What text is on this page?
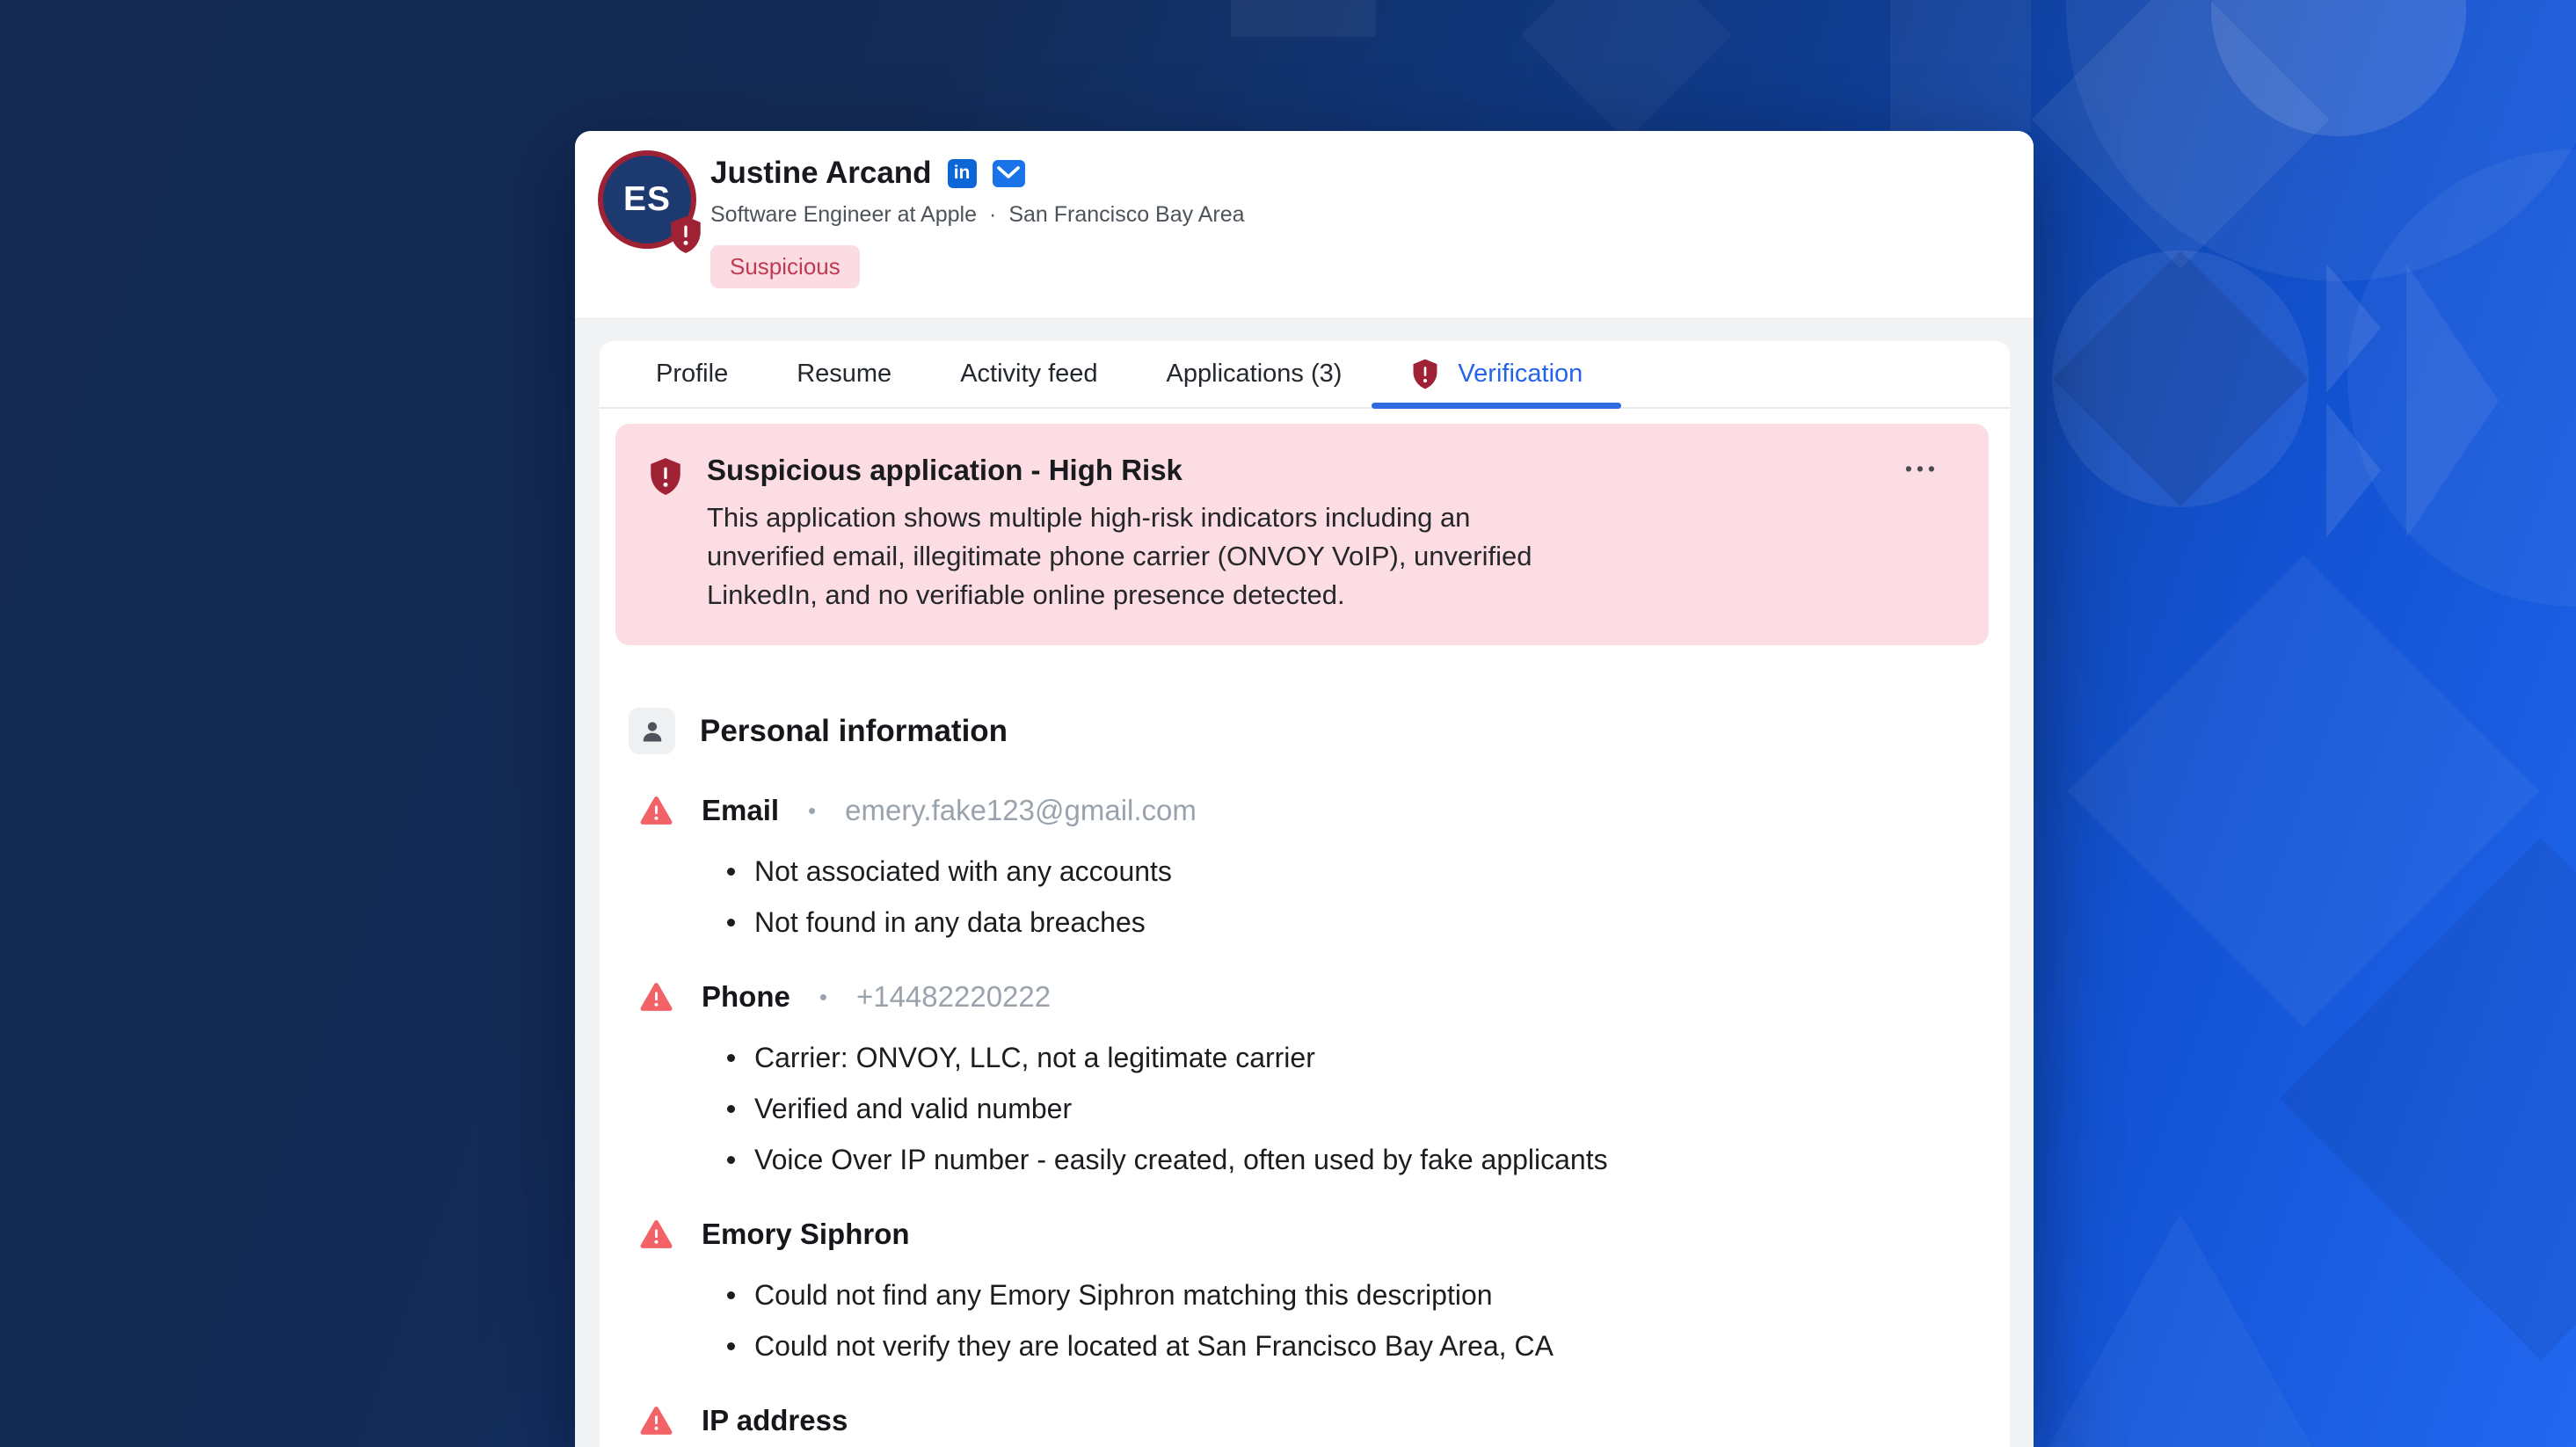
ES
Justine Arcand	in
Software Engineer at Apple · San Francisco Bay Area
Suspicious
Profile	Resume	Activity feed	Applications (3)	Verification
Suspicious application - High Risk
This application shows multiple high-risk indicators including an
unverified email, illegitimate phone carrier (ONVOY VoIP), unverified
LinkedIn, and no verifiable online presence detected.
•••
Personal information
Email • emery.fake123@gmail.com
Not associated with any accounts
Not found in any data breaches
Phone • +14482220222
Carrier: ONVOY, LLC, not a legitimate carrier
Verified and valid number
Voice Over IP number - easily created, often used by fake applicants
Emory Siphron
Could not find any Emory Siphron matching this description
Could not verify they are located at San Francisco Bay Area, CA
IP address
